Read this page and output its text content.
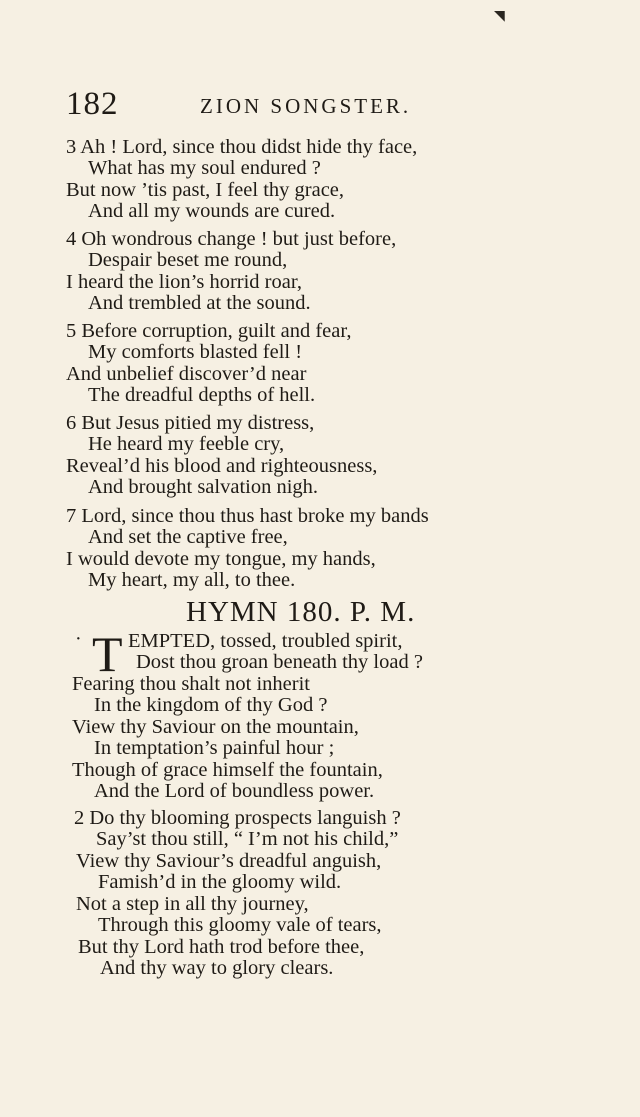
◥
182	ZION SONGSTER.
3 Ah ! Lord, since thou didst hide thy face,
What has my soul endured ?
But now ’tis past, I feel thy grace,
And all my wounds are cured.
4 Oh wondrous change ! but just before,
Despair beset me round,
I heard the lion’s horrid roar,
And trembled at the sound.
5 Before corruption, guilt and fear,
My comforts blasted fell !
And unbelief discover’d near
The dreadful depths of hell.
6 But Jesus pitied my distress,
He heard my feeble cry,
Reveal’d his blood and righteousness,
And brought salvation nigh.
7 Lord, since thou thus hast broke my bands
And set the captive free,
I would devote my tongue, my hands,
My heart, my all, to thee.
HYMN 180. P. M.
· T EMPTED, tossed, troubled spirit,
Dost thou groan beneath thy load ?
Fearing thou shalt not inherit
In the kingdom of thy God ?
View thy Saviour on the mountain,
In temptation’s painful hour ;
Though of grace himself the fountain,
And the Lord of boundless power.
2 Do thy blooming prospects languish ?
Say’st thou still, “ I’m not his child,”
View thy Saviour’s dreadful anguish,
Famish’d in the gloomy wild.
Not a step in all thy journey,
Through this gloomy vale of tears,
But thy Lord hath trod before thee,
And thy way to glory clears.
